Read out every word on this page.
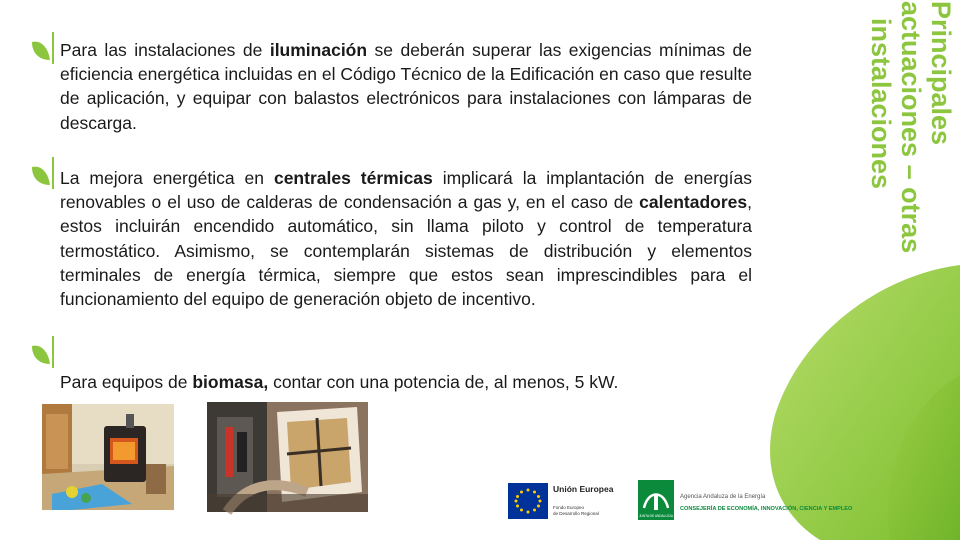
Principales
actuaciones – otras
instalaciones

Para las instalaciones de iluminación se deberán superar las exigencias mínimas de eficiencia energética incluidas en el Código Técnico de la Edificación en caso que resulte de aplicación, y equipar con balastos electrónicos para instalaciones con lámparas de descarga.

La mejora energética en centrales térmicas implicará la implantación de energías renovables o el uso de calderas de condensación a gas y, en el caso de calentadores, estos incluirán encendido automático, sin llama piloto y control de temperatura termostático. Asimismo, se contemplarán sistemas de distribución y elementos terminales de energía térmica, siempre que estos sean imprescindibles para el funcionamiento del equipo de generación objeto de incentivo.

Para equipos de biomasa, contar con una potencia de, al menos, 5 kW.

Unión Europea
Fondo Europeo
de Desarrollo Regional	JUNTA DE ANDALUCIA
Agencia Andaluza de la Energía
CONSEJERÍA DE ECONOMÍA, INNOVACIÓN, CIENCIA Y EMPLEO
